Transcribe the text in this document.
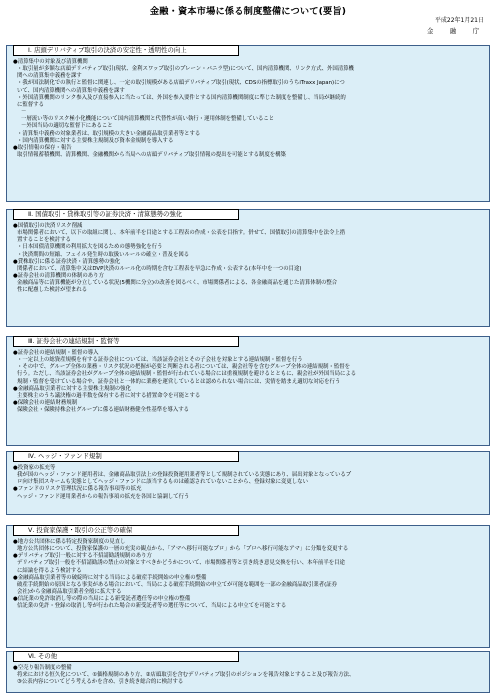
金融・資本市場に係る制度整備について(要旨)
平成22年1月21日
金　融　庁
Ⅰ. 店頭デリバティブ取引の決済の安定性・透明性の向上
●清算集中の対象及び清算機関
・取引量が多額な店頭デリバティブ取引(現状、金利スワップ取引のプレーン・バニラ型)について、国内清算機関、リンク方式、外国清算機
関への清算集中義務を課す
・我が国法制化での執行と監督に関連し、一定の取引規模がある店頭デリバティブ取引(現状、CDSの指標取引のうちiTraxx Japan)につ
いて、国内清算機関への清算集中義務を課す
・外国清算機関のリンク参入及び直接参入に当たっては、外国を参入要件とする国内清算機関制度に準じた制度を整備し、当局が継続的
に監督する
－
一層流い等のリスク極小化機能について国内清算機関と代替性が高い執行・運用体制を整備していること
－外国当局の適切な監督下にあること
・清算集中義務の対象業者は、取引規模の大きい金融商品取引業者等とする
・国内清算機関に対する主要株主規制及び資本金規制を導入する
●取引情報の保存・報告
取引情報蓄積機関、清算機関、金融機関から当局への店頭デリバティブ取引情報の提出を可能とする制度を構築
Ⅱ. 国債取引・貸株取引等の証券決済・清算態勢の強化
●国債取引の決済リスク削減
市場関係者において、以下の取組に関し、本年前半を目途とする工程表の作成・公表を目指す。併せて、国債取引の清算集中を法令上措
置することを検討する
・日本国債清算機関の利用拡大を図るための態勢強化を行う
・決済期間の短縮、フェイル発生時の取扱いルールの確立・普及を図る
●貸株取引に係る証券決済・清算態勢の強化
関係者において、清算集中又はDVP決済のルール化の時期を含む工程表を早急に作成・公表する(本年中を一つの目途)
●証券会社の清算機関の体制のあり方
金融商品等に清算機能が分立している状況(5機関に分立)の改善を図るべく、市場関係者による、各金融商品を通じた清算体制の整合
性に配慮した検討が望まれる
Ⅲ. 証券会社の連結規制・監督等
●証券会社の連結規制・監督の導入
・一定以上の総資産規模を有する証券会社については、当該証券会社とその子会社を対象とする連結規制・監督を行う
・その中で、グループ全体の業務・リスク状況の把握が必要と判断される者については、親会社等を含むグループ全体の連結規制・監督を
行う。ただし、当該証券会社がグループ全体の連結規制・監督が行われている場合には重複規制を避けるとともに、親会社が外国当局による
規制・監督を受けている場合や、証券会社と一体的に業務を運営しているとは認められない場合には、実情を踏まえ適切な対応を行う
●金融商品取引業者に対する主要株主規制の強化
主要株主のうち議決権の過半数を保有する者に対する措置命令を可能とする
●保険会社の連結財務規制
保険会社・保険持株会社グループに係る連結財務健全性基準を導入する
Ⅳ. ヘッジ・ファンド規制
●投資家の拡充等
我が国のヘッジ・ファンド運用者は、金融商品取引法上の登録投資運用業者等として規制されている実態にあり、届出対象となっているプ
ロ向け集団スキームも実態としてヘッジ・ファンドに該当するものは確認されていないことから、登録対象に変更しない
●ファンドのリスク管理状況に係る報告事項等の拡充
ヘッジ・ファンド運用業者からの報告事項の拡充を各国と協調して行う
Ⅴ. 投資家保護・取引の公正等の確保
●地方公共団体に係る特定投資家制度の見直し
地方公共団体について、投資家保護の一層の充実の観点から、「アマへ移行可能なプロ」から「プロへ移行可能なアマ」に分類を変更する
●デリバティブ取引一般に対する不招請勧誘規制のあり方
デリバティブ取引一般を不招請勧誘の禁止の対象とすべきかどうかについて、市場関係者等と引き続き意見交換を行い、本年前半を目途
に結論を得るよう検討する
●金融商品取引業者等の破綻時に対する当局による破産手続開始の申立権の整備
破産手続開始の原因となる事実がある場合において、当局による破産手続開始の申立てが可能な範囲を一部の金融商品取引業者(証券
会社)から金融商品取引業者全般に拡大する
●信託業の免許取消し等の際の当局による新受託者選任等の申立権の整備
信託業の免許・登録の取消し等が行われた場合の新受託者等の選任等について、当局による申立てを可能とする
Ⅵ. その他
●空売り報告制度の整備
将来における恒久化について、①価格規制のあり方、②店頭取引を含むデリバティブ取引のポジションを報告対象とすること及び報告方法、
③公表内容についてどう考えるかを含め、引き続き総合的に検討する
